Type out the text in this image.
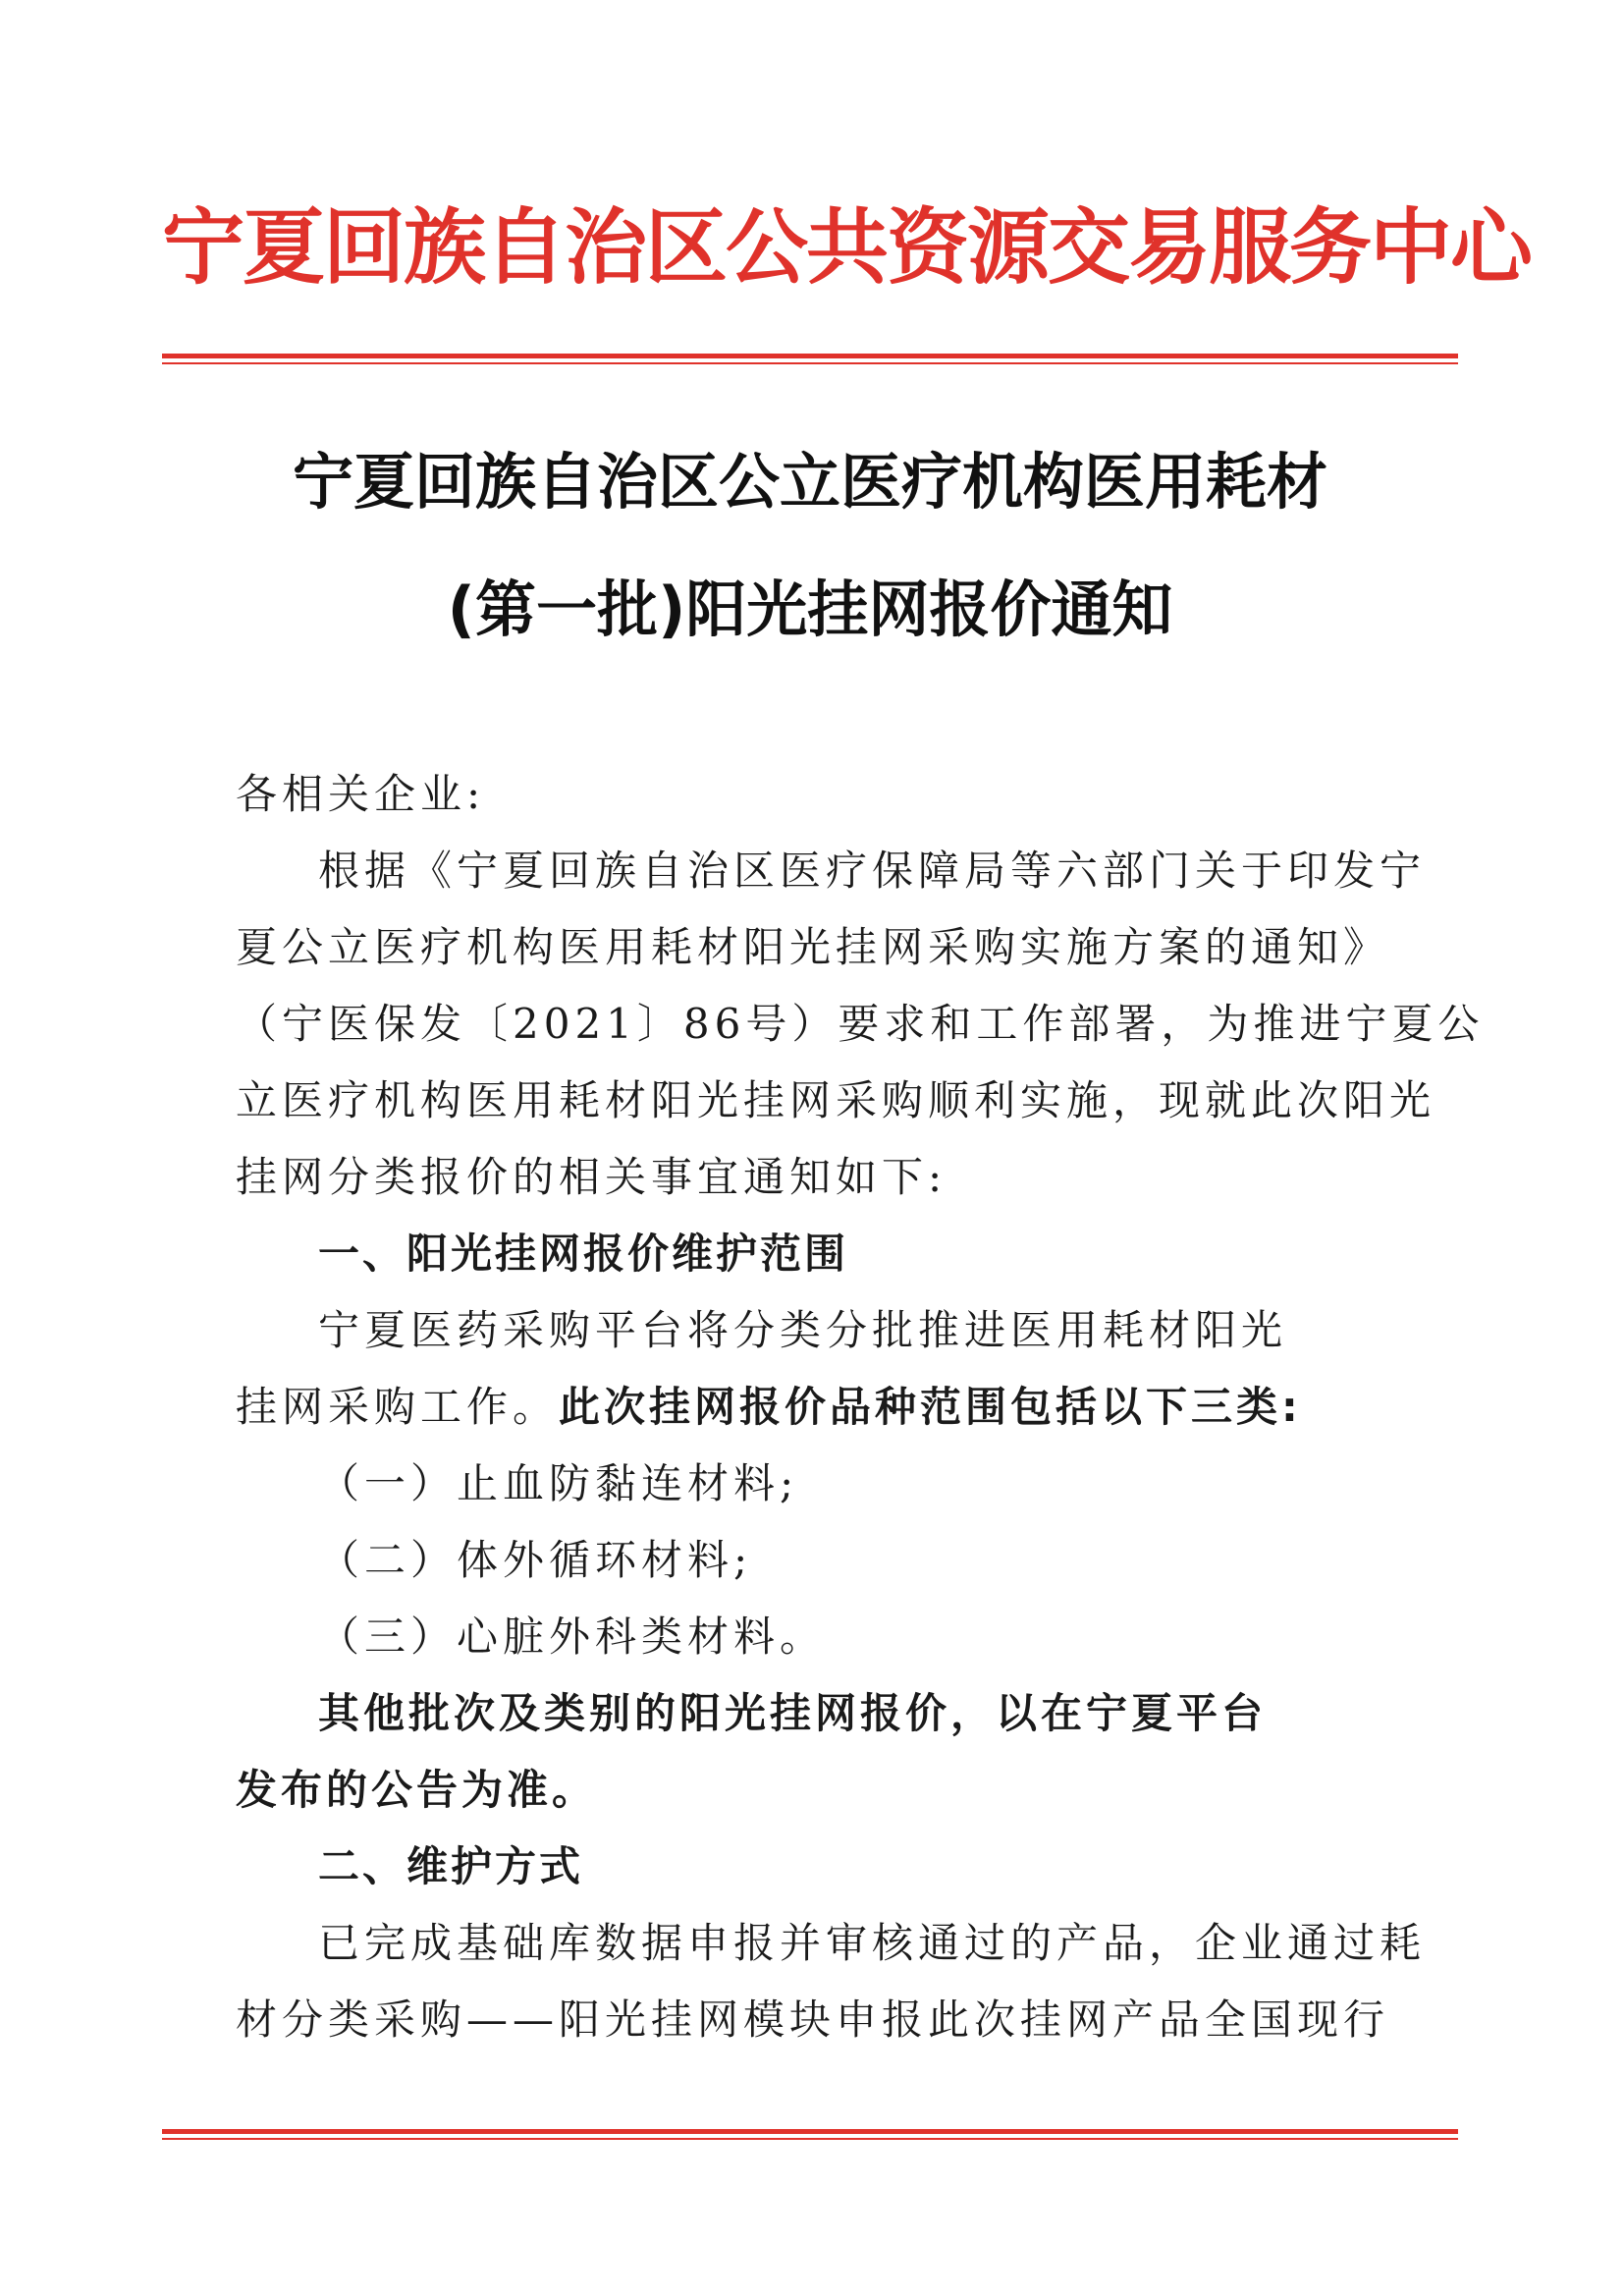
宁夏回族自治区公共资源交易服务中心
宁夏回族自治区公立医疗机构医用耗材
(第一批)阳光挂网报价通知
各相关企业:
根据《宁夏回族自治区医疗保障局等六部门关于印发宁
夏公立医疗机构医用耗材阳光挂网采购实施方案的通知》
（宁医保发〔2021〕86号）要求和工作部署，为推进宁夏公
立医疗机构医用耗材阳光挂网采购顺利实施，现就此次阳光
挂网分类报价的相关事宜通知如下:
一、阳光挂网报价维护范围
宁夏医药采购平台将分类分批推进医用耗材阳光
挂网采购工作。此次挂网报价品种范围包括以下三类:
（一）止血防黏连材料;
（二）体外循环材料;
（三）心脏外科类材料。
其他批次及类别的阳光挂网报价，以在宁夏平台
发布的公告为准。
二、维护方式
已完成基础库数据申报并审核通过的产品，企业通过耗
材分类采购——阳光挂网模块申报此次挂网产品全国现行
